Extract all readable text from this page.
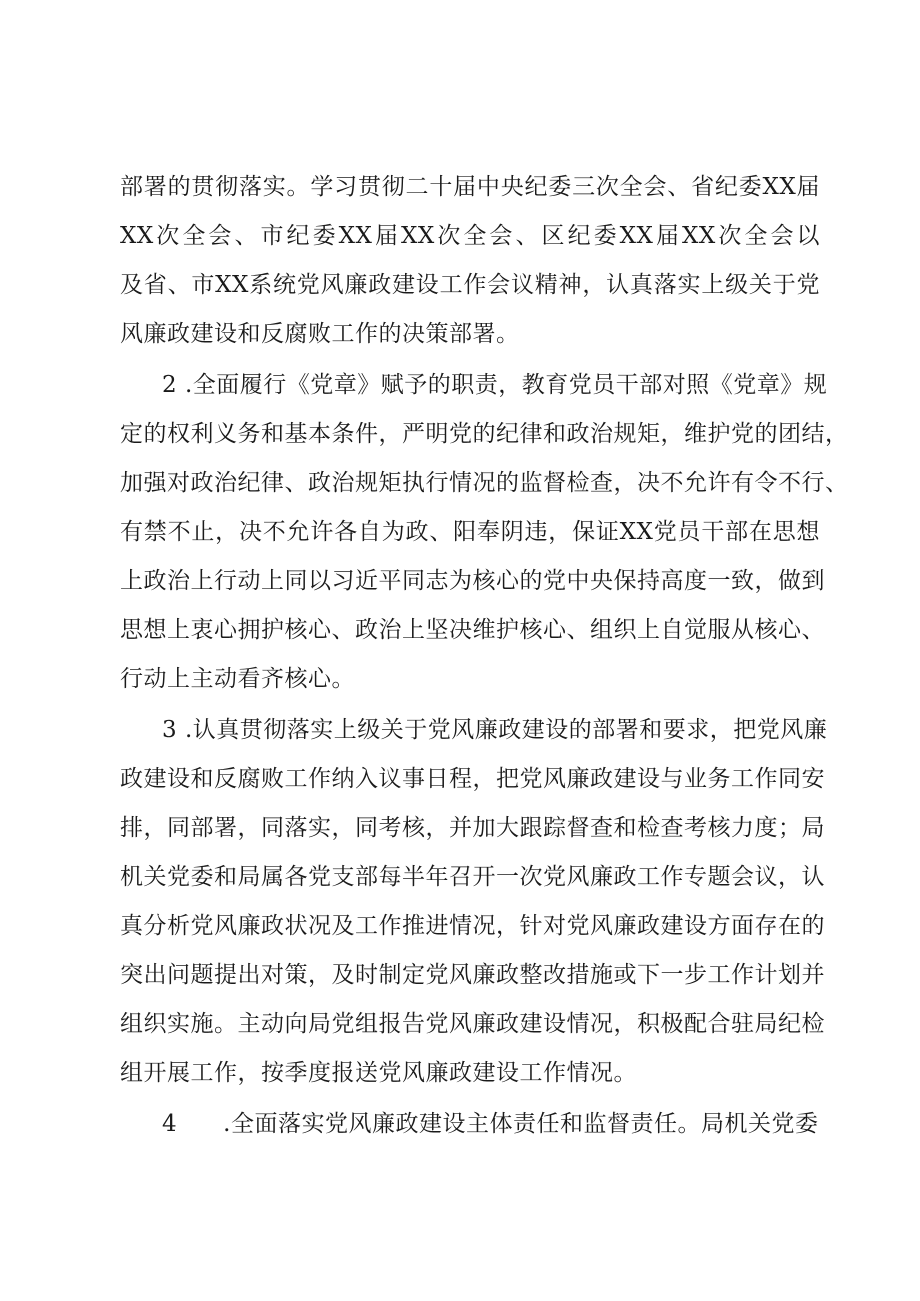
部署的贯彻落实。学习贯彻二十届中央纪委三次全会、省纪委XX届
XX次全会、市纪委XX届XX次全会、区纪委XX届XX次全会以
及省、市XX系统党风廉政建设工作会议精神，认真落实上级关于党
风廉政建设和反腐败工作的决策部署。
2 .全面履行《党章》赋予的职责，教育党员干部对照《党章》规
定的权利义务和基本条件，严明党的纪律和政治规矩，维护党的团结，
加强对政治纪律、政治规矩执行情况的监督检查，决不允许有令不行、
有禁不止，决不允许各自为政、阳奉阴违，保证XX党员干部在思想
上政治上行动上同以习近平同志为核心的党中央保持高度一致，做到
思想上衷心拥护核心、政治上坚决维护核心、组织上自觉服从核心、
行动上主动看齐核心。
3 .认真贯彻落实上级关于党风廉政建设的部署和要求，把党风廉
政建设和反腐败工作纳入议事日程，把党风廉政建设与业务工作同安
排，同部署，同落实，同考核，并加大跟踪督查和检查考核力度；局
机关党委和局属各党支部每半年召开一次党风廉政工作专题会议，认
真分析党风廉政状况及工作推进情况，针对党风廉政建设方面存在的
突出问题提出对策，及时制定党风廉政整改措施或下一步工作计划并
组织实施。主动向局党组报告党风廉政建设情况，积极配合驻局纪检
组开展工作，按季度报送党风廉政建设工作情况。
4 .全面落实党风廉政建设主体责任和监督责任。局机关党委
